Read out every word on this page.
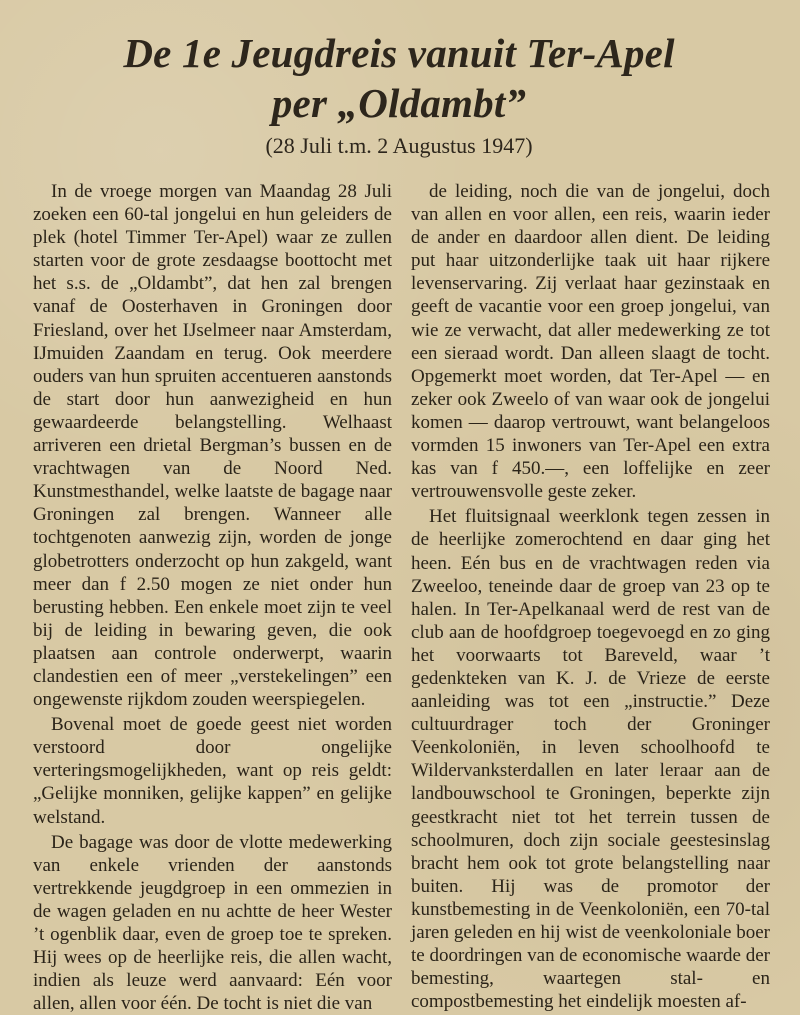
De 1e Jeugdreis vanuit Ter-Apel
per „Oldambt”
(28 Juli t.m. 2 Augustus 1947)

In de vroege morgen van Maandag 28 Juli zoeken een 60-tal jongelui en hun geleiders de plek (hotel Timmer Ter-Apel) waar ze zullen starten voor de grote zesdaagse boottocht met het s.s. de „Oldambt”, dat hen zal brengen vanaf de Oosterhaven in Groningen door Friesland, over het IJselmeer naar Amsterdam, IJmuiden Zaandam en terug. Ook meerdere ouders van hun spruiten accentueren aanstonds de start door hun aanwezigheid en hun gewaardeerde belangstelling. Welhaast arriveren een drietal Bergman’s bussen en de vrachtwagen van de Noord Ned. Kunstmesthandel, welke laatste de bagage naar Groningen zal brengen. Wanneer alle tochtgenoten aanwezig zijn, worden de jonge globetrotters onderzocht op hun zakgeld, want meer dan f 2.50 mogen ze niet onder hun berusting hebben. Een enkele moet zijn te veel bij de leiding in bewaring geven, die ook plaatsen aan controle onderwerpt, waarin clandestien een of meer „verstekelingen” een ongewenste rijkdom zouden weerspiegelen.

Bovenal moet de goede geest niet worden verstoord door ongelijke verteringsmogelijkheden, want op reis geldt: „Gelijke monniken, gelijke kappen” en gelijke welstand.

De bagage was door de vlotte medewerking van enkele vrienden der aanstonds vertrekkende jeugdgroep in een ommezien in de wagen geladen en nu achtte de heer Wester ’t ogenblik daar, even de groep toe te spreken. Hij wees op de heerlijke reis, die allen wacht, indien als leuze werd aanvaard: Eén voor allen, allen voor één. De tocht is niet die van

de leiding, noch die van de jongelui, doch van allen en voor allen, een reis, waarin ieder de ander en daardoor allen dient. De leiding put haar uitzonderlijke taak uit haar rijkere levenservaring. Zij verlaat haar gezinstaak en geeft de vacantie voor een groep jongelui, van wie ze verwacht, dat aller medewerking ze tot een sieraad wordt. Dan alleen slaagt de tocht. Opgemerkt moet worden, dat Ter-Apel — en zeker ook Zweelo of van waar ook de jongelui komen — daarop vertrouwt, want belangeloos vormden 15 inwoners van Ter-Apel een extra kas van f 450.—, een loffelijke en zeer vertrouwensvolle geste zeker.

Het fluitsignaal weerklonk tegen zessen in de heerlijke zomerochtend en daar ging het heen. Eén bus en de vrachtwagen reden via Zweeloo, teneinde daar de groep van 23 op te halen. In Ter-Apelkanaal werd de rest van de club aan de hoofdgroep toegevoegd en zo ging het voorwaarts tot Bareveld, waar ’t gedenkteken van K. J. de Vrieze de eerste aanleiding was tot een „instructie.” Deze cultuurdrager toch der Groninger Veenkoloniën, in leven schoolhoofd te Wildervanksterdallen en later leraar aan de landbouwschool te Groningen, beperkte zijn geestkracht niet tot het terrein tussen de schoolmuren, doch zijn sociale geestesinslag bracht hem ook tot grote belangstelling naar buiten. Hij was de promotor der kunstbemesting in de Veenkoloniën, een 70-tal jaren geleden en hij wist de veenkoloniale boer te doordringen van de economische waarde der bemesting, waartegen stal- en compostbemesting het eindelijk moesten af-
